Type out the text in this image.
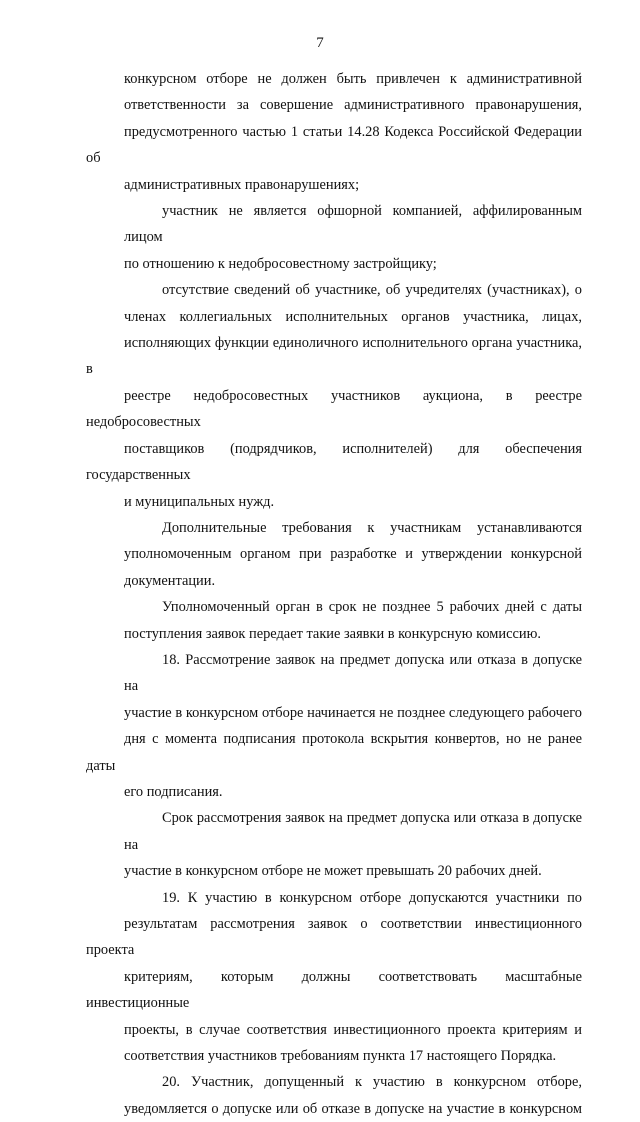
7
конкурсном отборе не должен быть привлечен к административной
ответственности за совершение административного правонарушения,
предусмотренного частью 1 статьи 14.28 Кодекса Российской Федерации об
административных правонарушениях;
участник не является офшорной компанией, аффилированным лицом
по отношению к недобросовестному застройщику;
отсутствие сведений об участнике, об учредителях (участниках), о
членах коллегиальных исполнительных органов участника, лицах,
исполняющих функции единоличного исполнительного органа участника, в
реестре недобросовестных участников аукциона, в реестре недобросовестных
поставщиков (подрядчиков, исполнителей) для обеспечения государственных
и муниципальных нужд.
Дополнительные требования к участникам устанавливаются
уполномоченным органом при разработке и утверждении конкурсной
документации.
Уполномоченный орган в срок не позднее 5 рабочих дней с даты
поступления заявок передает такие заявки в конкурсную комиссию.
18. Рассмотрение заявок на предмет допуска или отказа в допуске на
участие в конкурсном отборе начинается не позднее следующего рабочего
дня с момента подписания протокола вскрытия конвертов, но не ранее даты
его подписания.
Срок рассмотрения заявок на предмет допуска или отказа в допуске на
участие в конкурсном отборе не может превышать 20 рабочих дней.
19. К участию в конкурсном отборе допускаются участники по
результатам рассмотрения заявок о соответствии инвестиционного проекта
критериям, которым должны соответствовать масштабные инвестиционные
проекты, в случае соответствия инвестиционного проекта критериям и
соответствия участников требованиям пункта 17 настоящего Порядка.
20. Участник, допущенный к участию в конкурсном отборе,
уведомляется о допуске или об отказе в допуске на участие в конкурсном
